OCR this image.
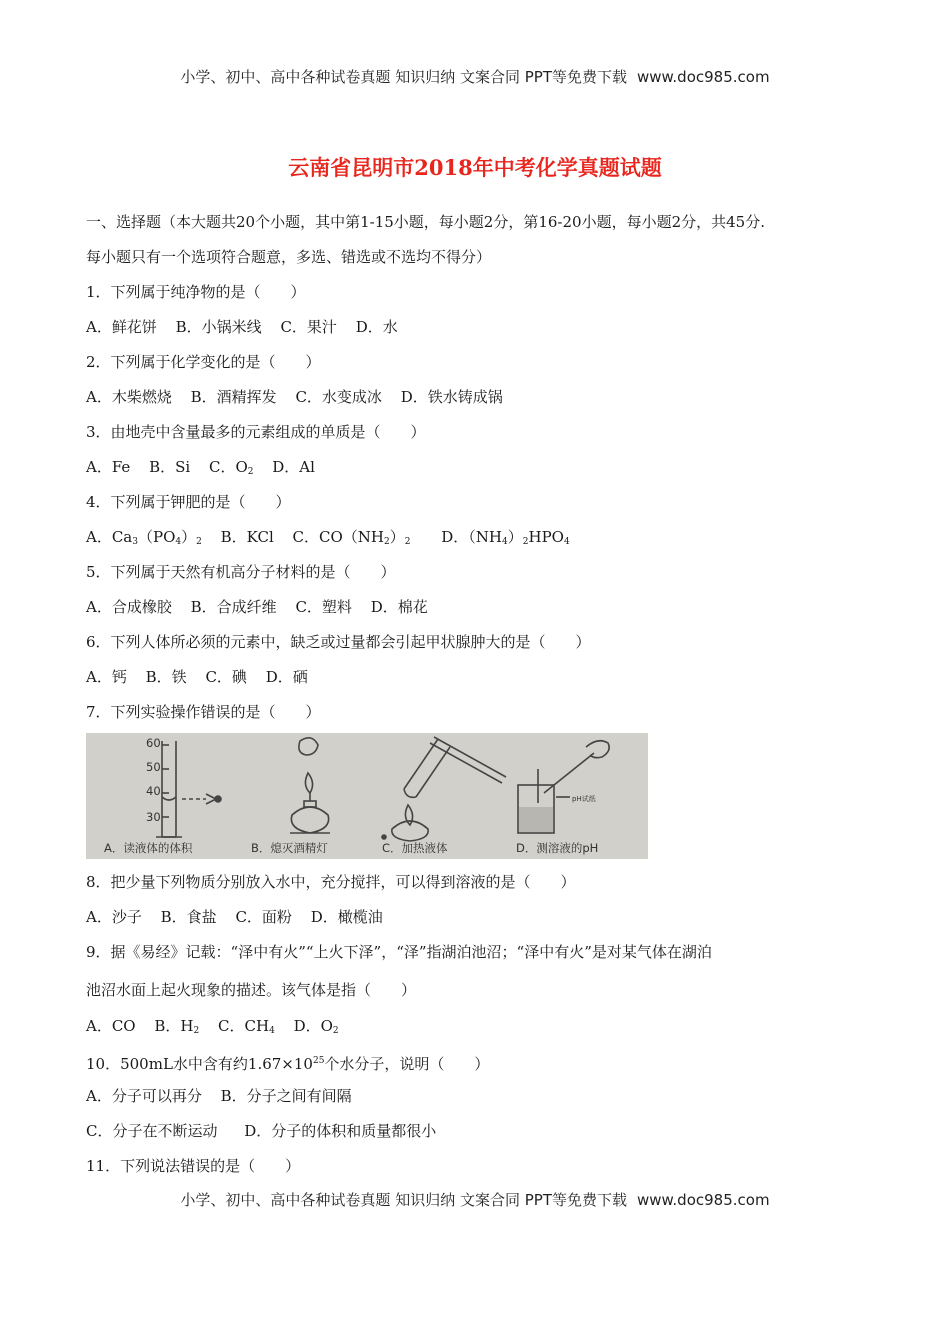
小学、初中、高中各种试卷真题 知识归纳 文案合同 PPT等免费下载 www.doc985.com
云南省昆明市2018年中考化学真题试题
一、选择题（本大题共20个小题，其中第1-15小题，每小题2分，第16-20小题，每小题2分，共45分.
每小题只有一个选项符合题意，多选、错选或不选均不得分）
1．下列属于纯净物的是（　　）
A．鲜花饼 B．小锅米线 C．果汁 D．水
2．下列属于化学变化的是（　　）
A．木柴燃烧 B．酒精挥发 C．水变成冰 D．铁水铸成锅
3．由地壳中含量最多的元素组成的单质是（　　）
A．Fe B．Si C．$O_2$ D．Al
4．下列属于钾肥的是（　　）
A．$Ca_3(PO_4)_2$ B．KCl C．$CO(NH_2)_2$ D．$(NH_4)_2HPO_4$
5．下列属于天然有机高分子材料的是（　　）
A．合成橡胶 B．合成纤维 C．塑料 D．棉花
6．下列人体所必须的元素中，缺乏或过量都会引起甲状腺肿大的是（　　）
A．钙 B．铁 C．碘 D．硒
7．下列实验操作错误的是（　　）
60
50
40
30
pH试纸
A．读液体的体积	B．熄灭酒精灯	C．加热液体	D．测溶液的pH
8．把少量下列物质分别放入水中，充分搅拌，可以得到溶液的是（　　）
A．沙子 B．食盐 C．面粉 D．橄榄油
9．据《易经》记载：“泽中有火”“上火下泽”，“泽”指湖泊池沼；“泽中有火”是对某气体在湖泊
池沼水面上起火现象的描述。该气体是指（　　）
A．CO B．$H_2$ C．$CH_4$ D．$O_2$
10．500mL水中含有约$1.67\times 10^{25}$个水分子，说明（　　）
A．分子可以再分 B．分子之间有间隔
C．分子在不断运动 D．分子的体积和质量都很小
11．下列说法错误的是（　　）
小学、初中、高中各种试卷真题 知识归纳 文案合同 PPT等免费下载 www.doc985.com
